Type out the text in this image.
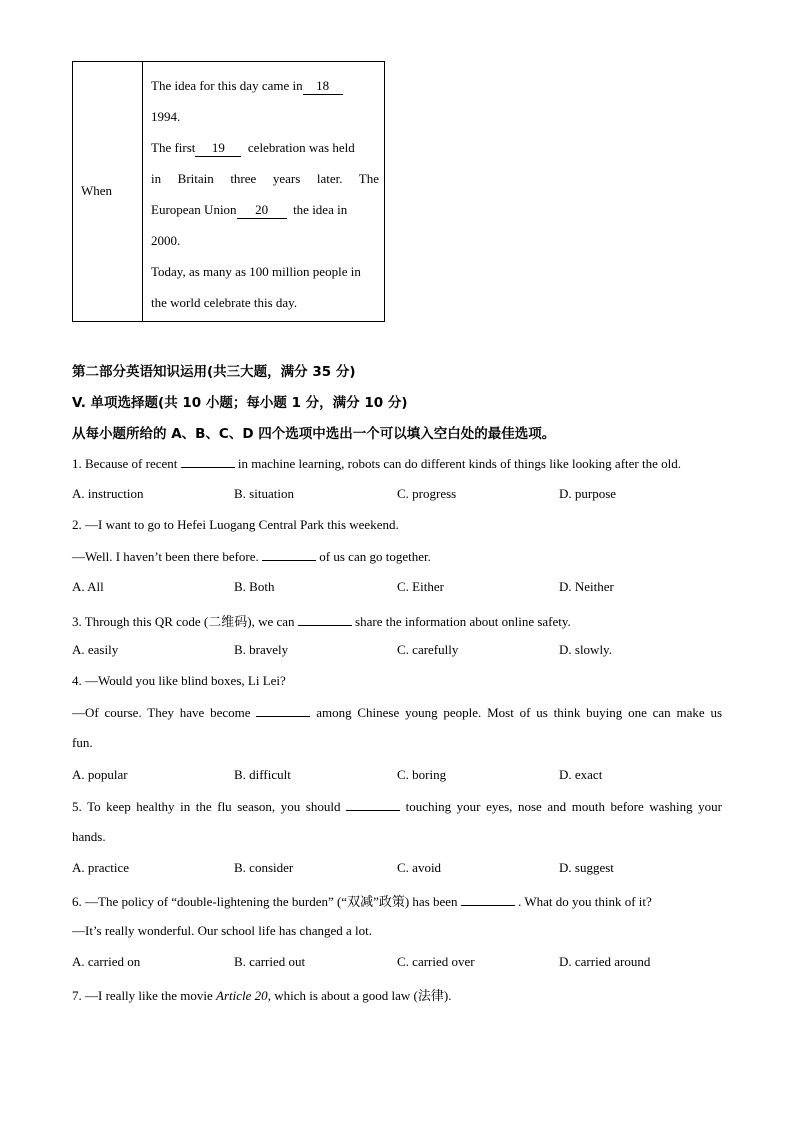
When
The idea for this day came in 18
1994.
The first 19 celebration was held
in Britain three years later. The
European Union 20 the idea in
2000.
Today, as many as 100 million people in
the world celebrate this day.
第二部分英语知识运用(共三大题，满分 35 分)
V. 单项选择题(共 10 小题；每小题 1 分，满分 10 分)
从每小题所给的 A、B、C、D 四个选项中选出一个可以填入空白处的最佳选项。
1. Because of recent	in machine learning, robots can do different kinds of things like looking after the old.
A. instruction	B. situation	C. progress	D. purpose
2. —I want to go to Hefei Luogang Central Park this weekend.
—Well. I haven’t been there before.	of us can go together.
A. All	B. Both	C. Either	D. Neither
3. Through this QR code (二维码), we can	share the information about online safety.
A. easily	B. bravely	C. carefully	D. slowly.
4. —Would you like blind boxes, Li Lei?
—Of course. They have become	among Chinese young people. Most of us think buying one can make us
fun.
A. popular	B. difficult	C. boring	D. exact
5. To keep healthy in the flu season, you should	touching your eyes, nose and mouth before washing your
hands.
A. practice	B. consider	C. avoid	D. suggest
6. —The policy of “double-lightening the burden” (“双减”政策) has been	. What do you think of it?
—It’s really wonderful. Our school life has changed a lot.
A. carried on	B. carried out	C. carried over	D. carried around
7. —I really like the movie Article 20, which is about a good law (法律).
